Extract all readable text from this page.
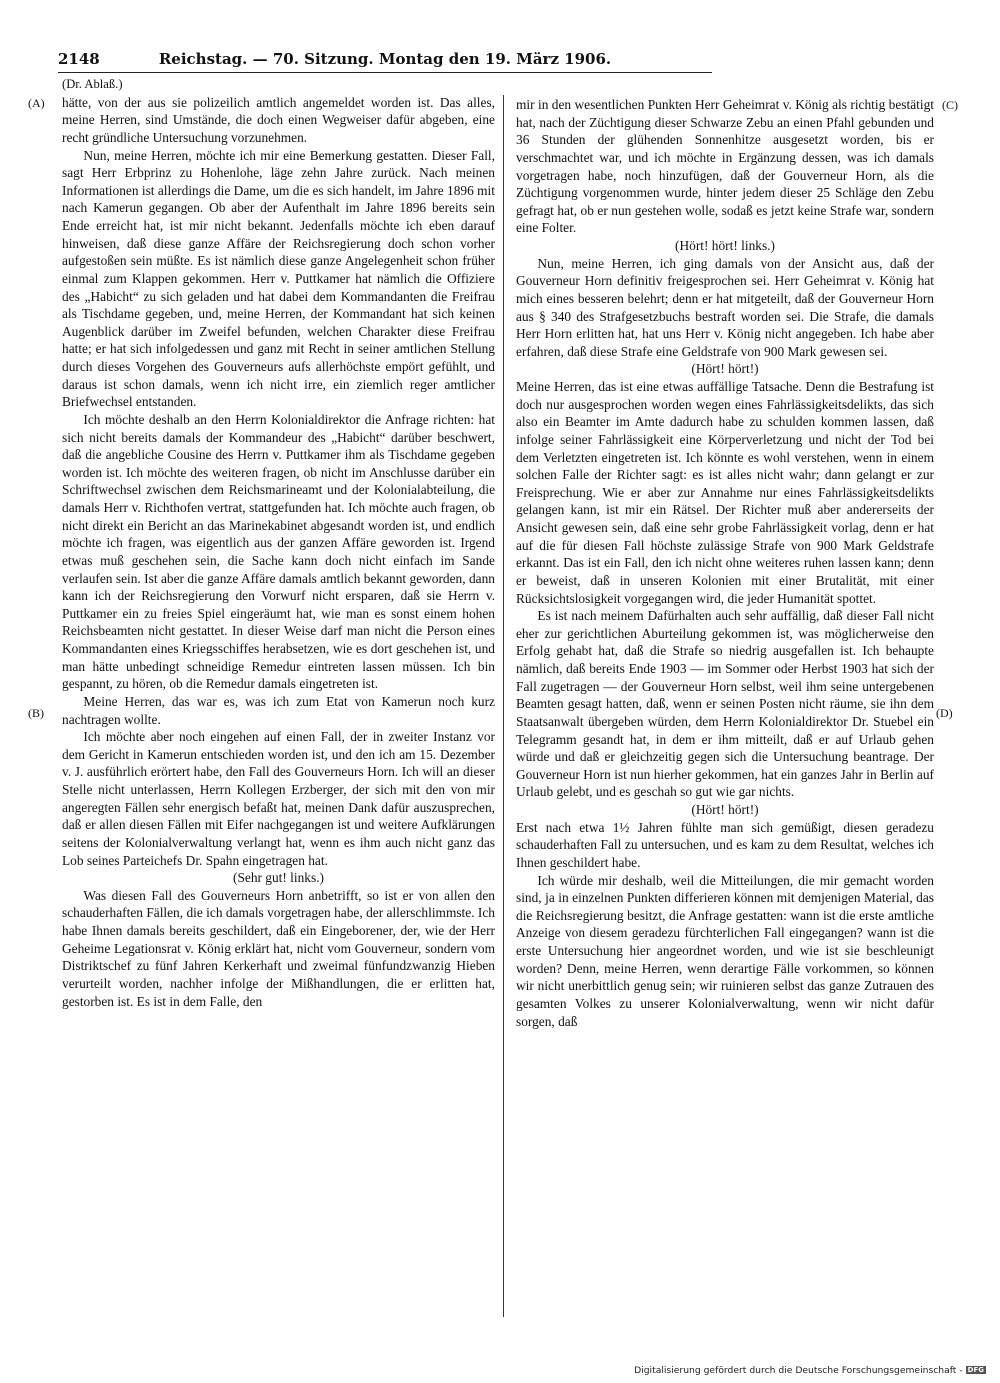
2148	Reichstag. — 70. Sitzung. Montag den 19. März 1906.
(A)
(B)
(C)
(D)

(Dr. Ablaß.)

hätte, von der aus sie polizeilich amtlich angemeldet worden ist. Das alles, meine Herren, sind Umstände, die doch einen Wegweiser dafür abgeben, eine recht gründliche Untersuchung vorzunehmen.

Nun, meine Herren, möchte ich mir eine Bemerkung gestatten. Dieser Fall, sagt Herr Erbprinz zu Hohenlohe, läge zehn Jahre zurück. Nach meinen Informationen ist allerdings die Dame, um die es sich handelt, im Jahre 1896 mit nach Kamerun gegangen. Ob aber der Aufenthalt im Jahre 1896 bereits sein Ende erreicht hat, ist mir nicht bekannt. Jedenfalls möchte ich eben darauf hinweisen, daß diese ganze Affäre der Reichsregierung doch schon vorher aufgestoßen sein müßte. Es ist nämlich diese ganze Angelegenheit schon früher einmal zum Klappen gekommen. Herr v. Puttkamer hat nämlich die Offiziere des „Habicht“ zu sich geladen und hat dabei dem Kommandanten die Freifrau als Tischdame gegeben, und, meine Herren, der Kommandant hat sich keinen Augenblick darüber im Zweifel befunden, welchen Charakter diese Freifrau hatte; er hat sich infolgedessen und ganz mit Recht in seiner amtlichen Stellung durch dieses Vorgehen des Gouverneurs aufs allerhöchste empört gefühlt, und daraus ist schon damals, wenn ich nicht irre, ein ziemlich reger amtlicher Briefwechsel entstanden.

Ich möchte deshalb an den Herrn Kolonialdirektor die Anfrage richten: hat sich nicht bereits damals der Kommandeur des „Habicht“ darüber beschwert, daß die angebliche Cousine des Herrn v. Puttkamer ihm als Tischdame gegeben worden ist. Ich möchte des weiteren fragen, ob nicht im Anschlusse darüber ein Schriftwechsel zwischen dem Reichsmarineamt und der Kolonialabteilung, die damals Herr v. Richthofen vertrat, stattgefunden hat. Ich möchte auch fragen, ob nicht direkt ein Bericht an das Marinekabinet abgesandt worden ist, und endlich möchte ich fragen, was eigentlich aus der ganzen Affäre geworden ist. Irgend etwas muß geschehen sein, die Sache kann doch nicht einfach im Sande verlaufen sein. Ist aber die ganze Affäre damals amtlich bekannt geworden, dann kann ich der Reichsregierung den Vorwurf nicht ersparen, daß sie Herrn v. Puttkamer ein zu freies Spiel eingeräumt hat, wie man es sonst einem hohen Reichsbeamten nicht gestattet. In dieser Weise darf man nicht die Person eines Kommandanten eines Kriegsschiffes herabsetzen, wie es dort geschehen ist, und man hätte unbedingt schneidige Remedur eintreten lassen müssen. Ich bin gespannt, zu hören, ob die Remedur damals eingetreten ist.

Meine Herren, das war es, was ich zum Etat von Kamerun noch kurz nachtragen wollte.

Ich möchte aber noch eingehen auf einen Fall, der in zweiter Instanz vor dem Gericht in Kamerun entschieden worden ist, und den ich am 15. Dezember v. J. ausführlich erörtert habe, den Fall des Gouverneurs Horn. Ich will an dieser Stelle nicht unterlassen, Herrn Kollegen Erzberger, der sich mit den von mir angeregten Fällen sehr energisch befaßt hat, meinen Dank dafür auszusprechen, daß er allen diesen Fällen mit Eifer nachgegangen ist und weitere Aufklärungen seitens der Kolonialverwaltung verlangt hat, wenn es ihm auch nicht ganz das Lob seines Parteichefs Dr. Spahn eingetragen hat.

(Sehr gut! links.)

Was diesen Fall des Gouverneurs Horn anbetrifft, so ist er von allen den schauderhaften Fällen, die ich damals vorgetragen habe, der allerschlimmste. Ich habe Ihnen damals bereits geschildert, daß ein Eingeborener, der, wie der Herr Geheime Legationsrat v. König erklärt hat, nicht vom Gouverneur, sondern vom Distriktschef zu fünf Jahren Kerkerhaft und zweimal fünfundzwanzig Hieben verurteilt worden, nachher infolge der Mißhandlungen, die er erlitten hat, gestorben ist. Es ist in dem Falle, den

mir in den wesentlichen Punkten Herr Geheimrat v. König als richtig bestätigt hat, nach der Züchtigung dieser Schwarze Zebu an einen Pfahl gebunden und 36 Stunden der glühenden Sonnenhitze ausgesetzt worden, bis er verschmachtet war, und ich möchte in Ergänzung dessen, was ich damals vorgetragen habe, noch hinzufügen, daß der Gouverneur Horn, als die Züchtigung vorgenommen wurde, hinter jedem dieser 25 Schläge den Zebu gefragt hat, ob er nun gestehen wolle, sodaß es jetzt keine Strafe war, sondern eine Folter.

(Hört! hört! links.)

Nun, meine Herren, ich ging damals von der Ansicht aus, daß der Gouverneur Horn definitiv freigesprochen sei. Herr Geheimrat v. König hat mich eines besseren belehrt; denn er hat mitgeteilt, daß der Gouverneur Horn aus § 340 des Strafgesetzbuchs bestraft worden sei. Die Strafe, die damals Herr Horn erlitten hat, hat uns Herr v. König nicht angegeben. Ich habe aber erfahren, daß diese Strafe eine Geldstrafe von 900 Mark gewesen sei.

(Hört! hört!)

Meine Herren, das ist eine etwas auffällige Tatsache. Denn die Bestrafung ist doch nur ausgesprochen worden wegen eines Fahrlässigkeitsdelikts, das sich also ein Beamter im Amte dadurch habe zu schulden kommen lassen, daß infolge seiner Fahrlässigkeit eine Körperverletzung und nicht der Tod bei dem Verletzten eingetreten ist. Ich könnte es wohl verstehen, wenn in einem solchen Falle der Richter sagt: es ist alles nicht wahr; dann gelangt er zur Freisprechung. Wie er aber zur Annahme nur eines Fahrlässigkeitsdelikts gelangen kann, ist mir ein Rätsel. Der Richter muß aber andererseits der Ansicht gewesen sein, daß eine sehr grobe Fahrlässigkeit vorlag, denn er hat auf die für diesen Fall höchste zulässige Strafe von 900 Mark Geldstrafe erkannt. Das ist ein Fall, den ich nicht ohne weiteres ruhen lassen kann; denn er beweist, daß in unseren Kolonien mit einer Brutalität, mit einer Rücksichtslosigkeit vorgegangen wird, die jeder Humanität spottet.

Es ist nach meinem Dafürhalten auch sehr auffällig, daß dieser Fall nicht eher zur gerichtlichen Aburteilung gekommen ist, was möglicherweise den Erfolg gehabt hat, daß die Strafe so niedrig ausgefallen ist. Ich behaupte nämlich, daß bereits Ende 1903 — im Sommer oder Herbst 1903 hat sich der Fall zugetragen — der Gouverneur Horn selbst, weil ihm seine untergebenen Beamten gesagt hatten, daß, wenn er seinen Posten nicht räume, sie ihn dem Staatsanwalt übergeben würden, dem Herrn Kolonialdirektor Dr. Stuebel ein Telegramm gesandt hat, in dem er ihm mitteilt, daß er auf Urlaub gehen würde und daß er gleichzeitig gegen sich die Untersuchung beantrage. Der Gouverneur Horn ist nun hierher gekommen, hat ein ganzes Jahr in Berlin auf Urlaub gelebt, und es geschah so gut wie gar nichts.

(Hört! hört!)

Erst nach etwa 1½ Jahren fühlte man sich gemüßigt, diesen geradezu schauderhaften Fall zu untersuchen, und es kam zu dem Resultat, welches ich Ihnen geschildert habe.

Ich würde mir deshalb, weil die Mitteilungen, die mir gemacht worden sind, ja in einzelnen Punkten differieren können mit demjenigen Material, das die Reichsregierung besitzt, die Anfrage gestatten: wann ist die erste amtliche Anzeige von diesem geradezu fürchterlichen Fall eingegangen? wann ist die erste Untersuchung hier angeordnet worden, und wie ist sie beschleunigt worden? Denn, meine Herren, wenn derartige Fälle vorkommen, so können wir nicht unerbittlich genug sein; wir ruinieren selbst das ganze Zutrauen des gesamten Volkes zu unserer Kolonialverwaltung, wenn wir nicht dafür sorgen, daß

Digitalisierung gefördert durch die Deutsche Forschungsgemeinschaft - DFG
